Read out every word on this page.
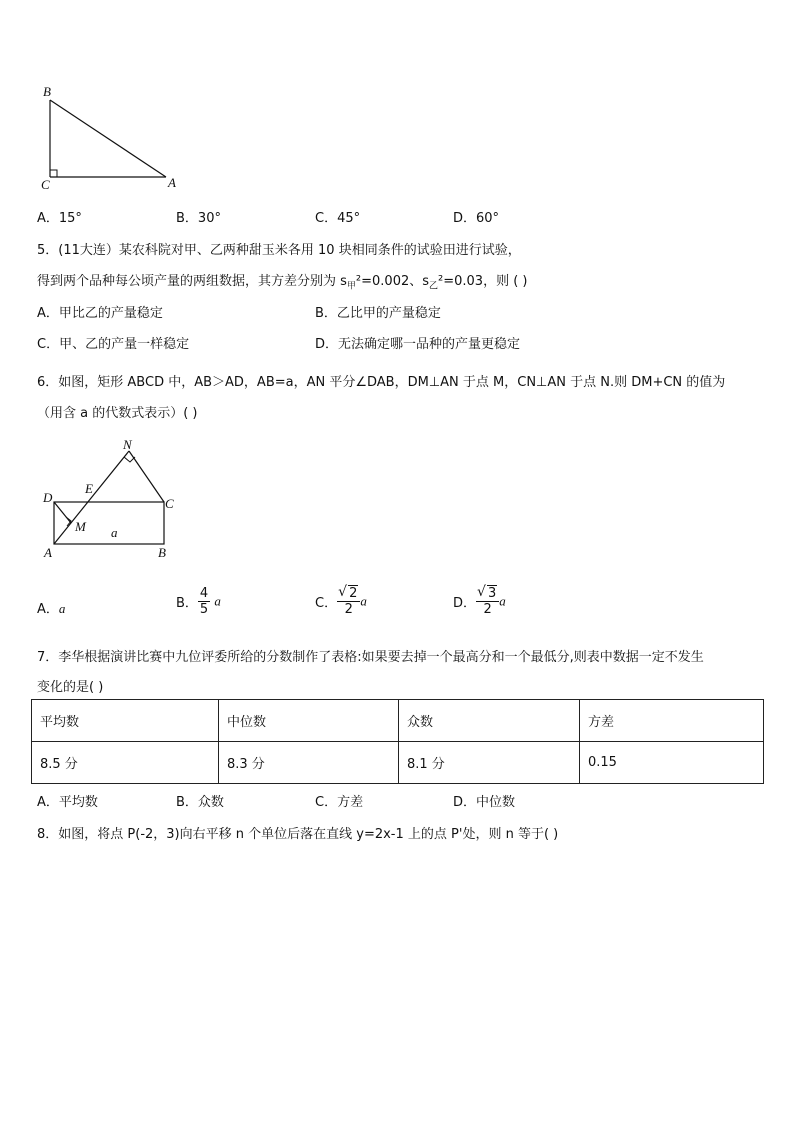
B
C	A
A．15°	B．30°	C．45°	D．60°
5．(11大连）某农科院对甲、乙两种甜玉米各用 10 块相同条件的试验田进行试验，
得到两个品种每公顷产量的两组数据，其方差分别为 $s_甲^2=0.002$、$s_乙^2=0.03$，则 ( )
A．甲比乙的产量稳定	B．乙比甲的产量稳定
C．甲、乙的产量一样稳定	D．无法确定哪一品种的产量更稳定
6．如图，矩形 ABCD 中，AB＞AD，AB=a，AN 平分∠DAB，DM⊥AN 于点 M，CN⊥AN 于点 N.则 DM+CN 的值为
（用含 a 的代数式表示）( )
N
E
D	C
M a
A	B
A．a	B． $\frac{4}{5}$ a	C． √ $\frac{2}{2}$ a	D． √ $\frac{3}{2}$ a
7．李华根据演讲比赛中九位评委所给的分数制作了表格:如果要去掉一个最高分和一个最低分,则表中数据一定不发生
变化的是( )
平均数	中位数	众数	方差
8.5 分	8.3 分	8.1 分	0.15
A．平均数	B．众数	C．方差	D．中位数
8．如图，将点 P(-2，3)向右平移 n 个单位后落在直线 y=2x-1 上的点 P'处，则 n 等于( )
